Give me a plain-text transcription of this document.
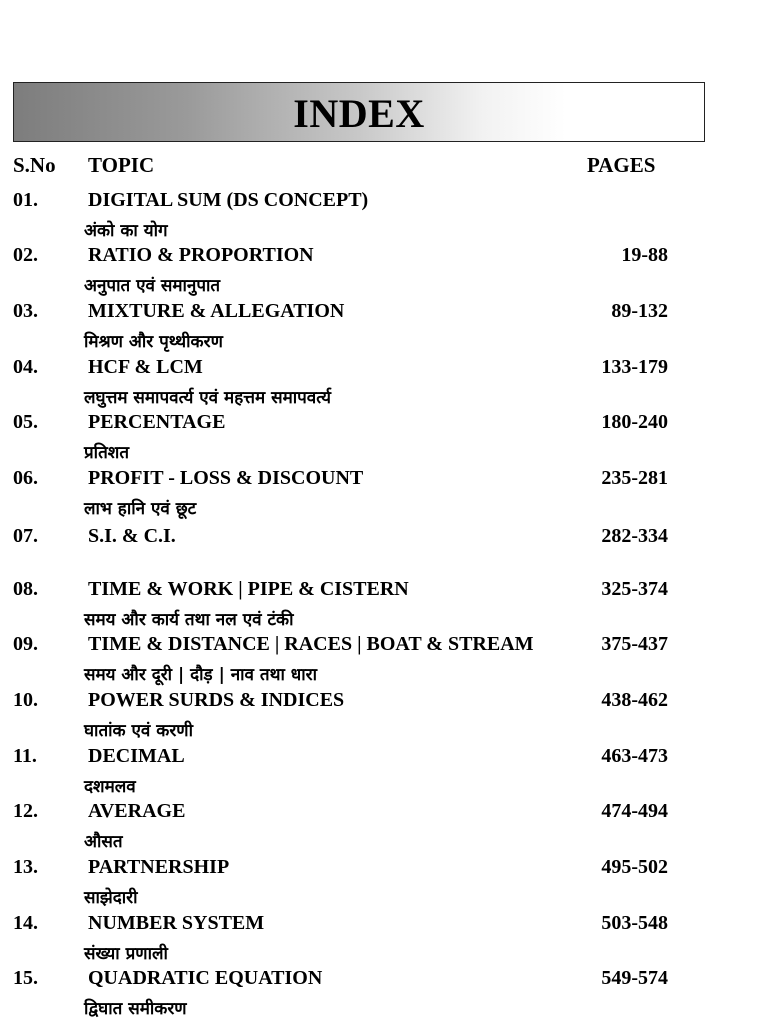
INDEX
S.No TOPIC	PAGES
01.	DIGITAL SUM (DS CONCEPT)
अंको का योग
02.	RATIO & PROPORTION	19-88
अनुपात एवं समानुपात
03.	MIXTURE & ALLEGATION	89-132
मिश्रण और पृथ्थीकरण
04.	HCF & LCM	133-179
लघुत्तम समापवर्त्य एवं महत्तम समापवर्त्य
05.	PERCENTAGE	180-240
प्रतिशत
06.	PROFIT - LOSS & DISCOUNT	235-281
लाभ हानि एवं छूट
07.	S.I. & C.I.	282-334
08.	TIME & WORK | PIPE & CISTERN	325-374
समय और कार्य तथा नल एवं टंकी
09.	TIME & DISTANCE | RACES | BOAT & STREAM	375-437
समय और दूरी | दौड़ | नाव तथा धारा
10.	POWER SURDS & INDICES	438-462
घातांक एवं करणी
11.	DECIMAL	463-473
दशमलव
12.	AVERAGE	474-494
औसत
13.	PARTNERSHIP	495-502
साझेदारी
14.	NUMBER SYSTEM	503-548
संख्या प्रणाली
15.	QUADRATIC EQUATION	549-574
द्विघात समीकरण
